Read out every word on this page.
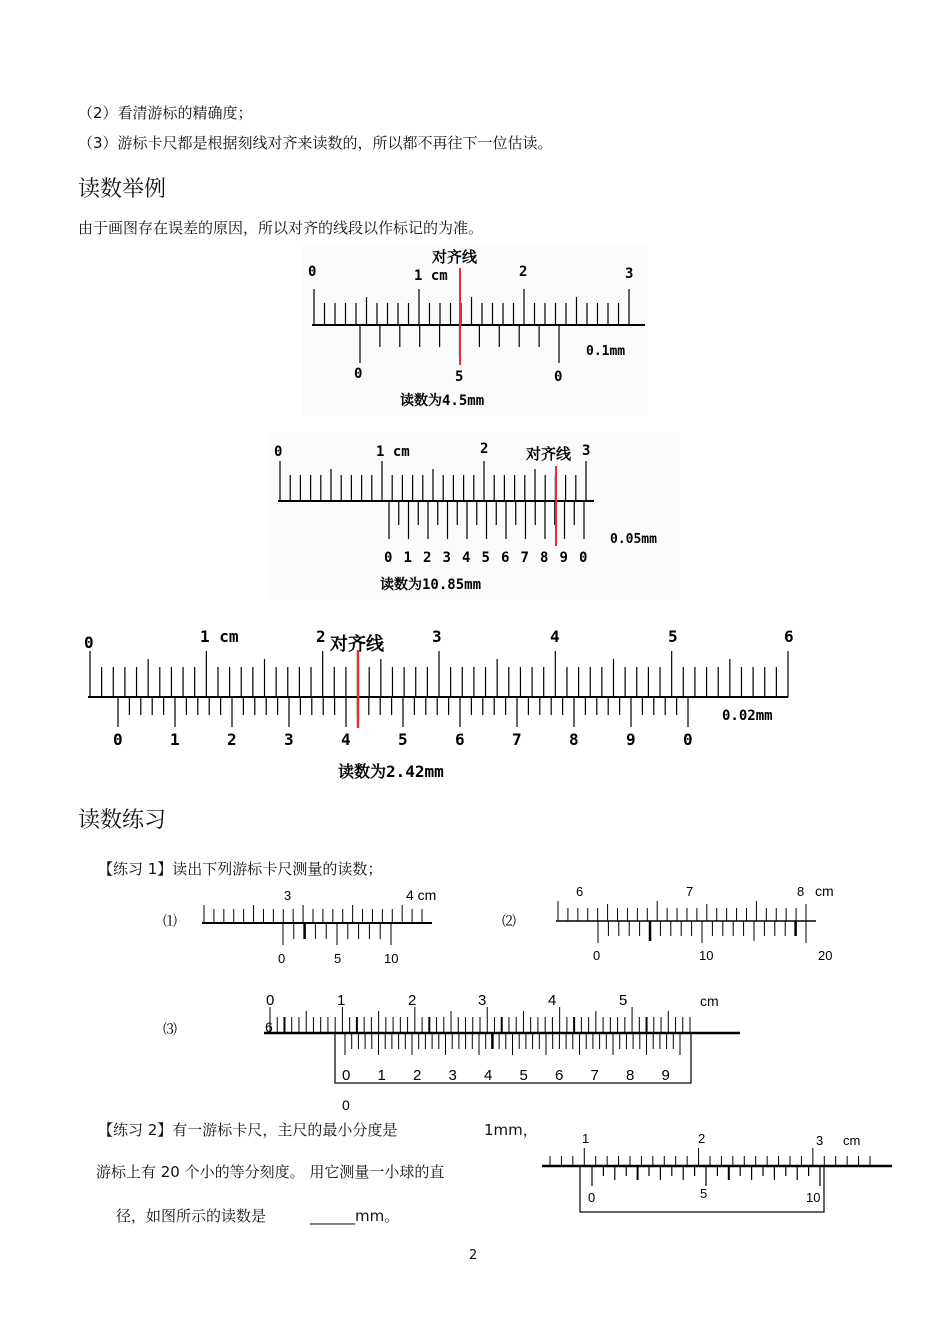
（2）看清游标的精确度；
（3）游标卡尺都是根据刻线对齐来读数的，所以都不再往下一位估读。
读数举例
由于画图存在误差的原因，所以对齐的线段以作标记的为准。
对齐线
0	1 cm	2	3
0	5	0
0.1mm
读数为4.5mm
对齐线
0	1 cm	2	3
0 1 2 3 4 5 6 7 8 9 0
0.05mm
读数为10.85mm
对齐线
0	1 cm	2	3	4	5	6
0	1	2	3	4	5	6	7	8	9	0
0.02mm
读数为2.42mm
读数练习
【练习 1】读出下列游标卡尺测量的读数；
⑴
3	4 cm
0	5	10
⑵
6	7	8 cm
0	10	20
⑶
0	1	2	3	4	5	cm
6
0 1 2 3 4 5 6 7 8 9
0
【练习 2】有一游标卡尺，主尺的最小分度是	1mm，
游标上有 20 个小的等分刻度。 用它测量一小球的直
径，如图所示的读数是	______mm。
1	2	3 cm
0	5	10
2
